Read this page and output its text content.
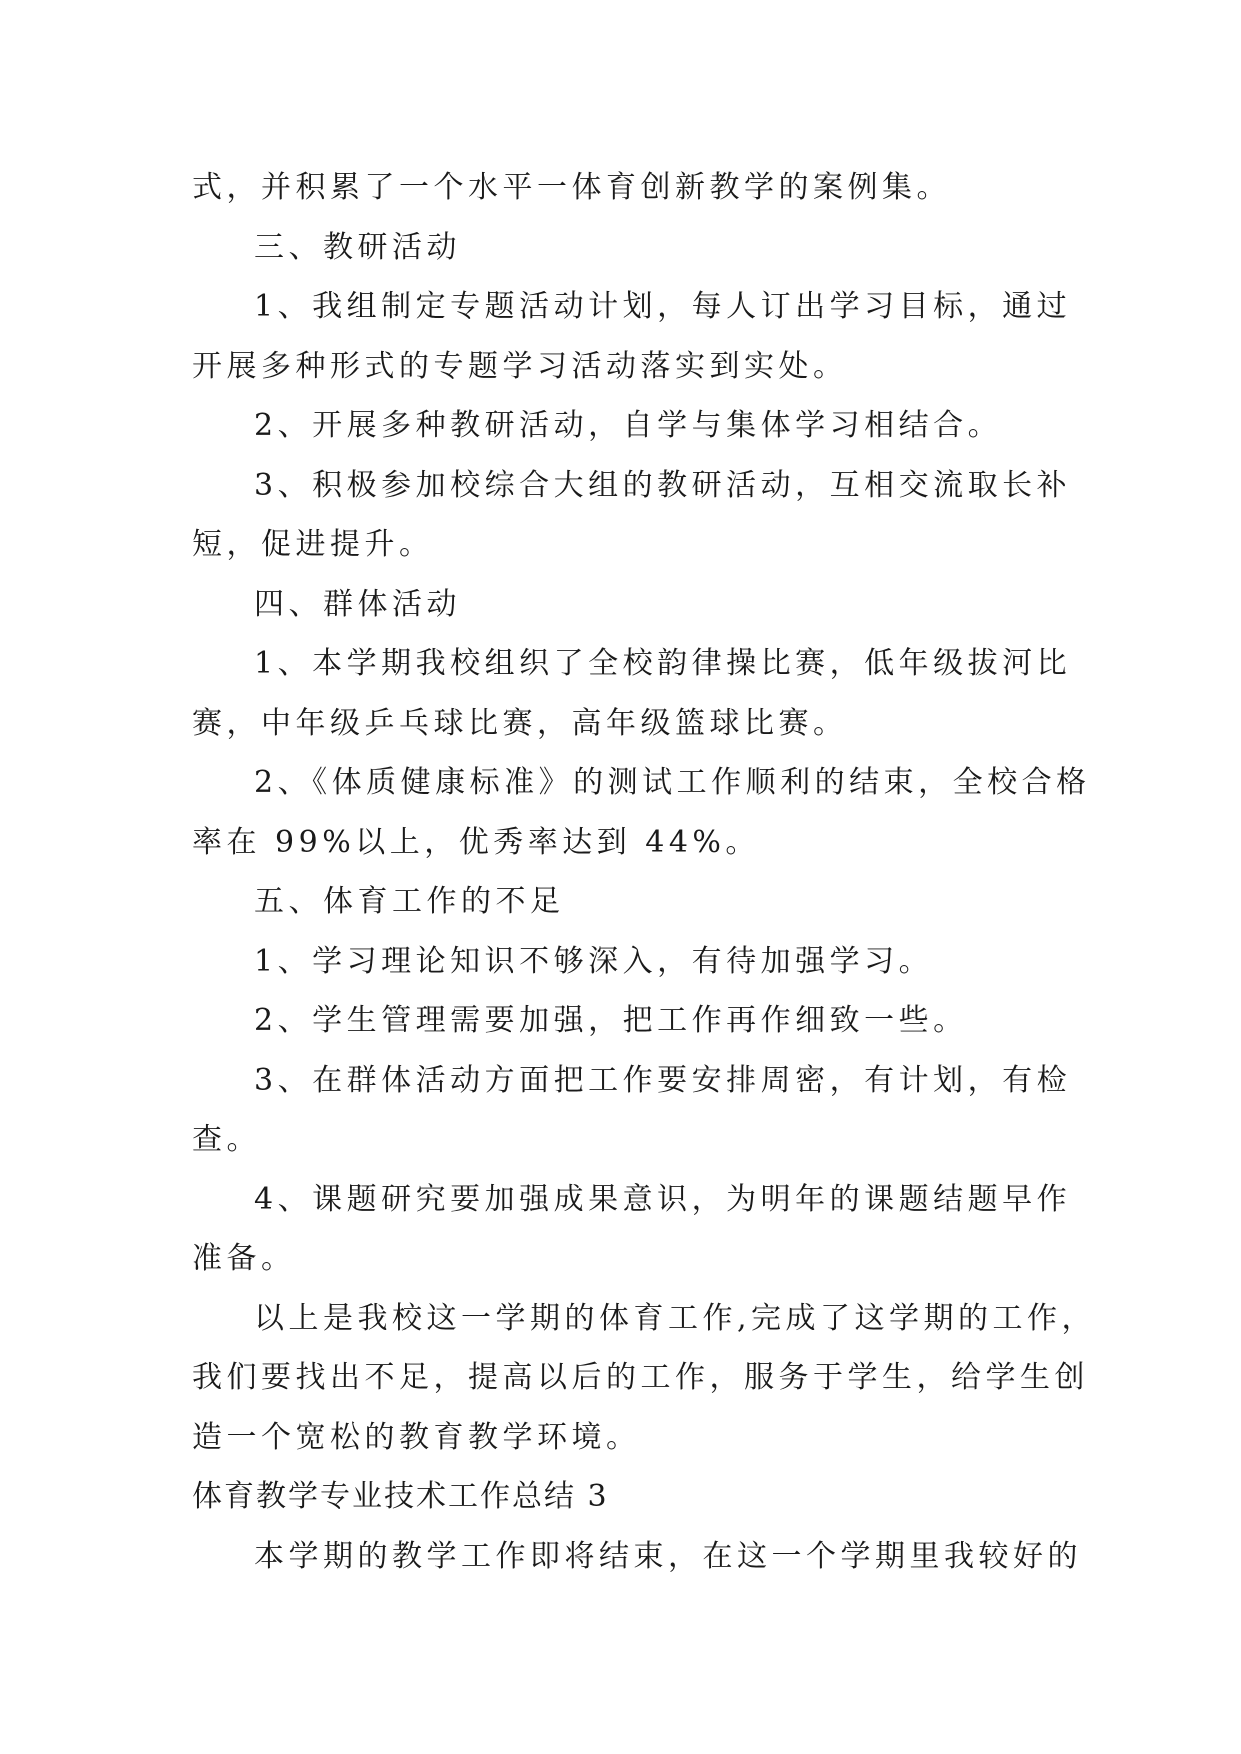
式，并积累了一个水平一体育创新教学的案例集。
三、教研活动
1、我组制定专题活动计划，每人订出学习目标，通过
开展多种形式的专题学习活动落实到实处。
2、开展多种教研活动，自学与集体学习相结合。
3、积极参加校综合大组的教研活动，互相交流取长补
短，促进提升。
四、群体活动
1、本学期我校组织了全校韵律操比赛，低年级拔河比
赛，中年级乒乓球比赛，高年级篮球比赛。
2、《体质健康标准》的测试工作顺利的结束，全校合格
率在 99%以上，优秀率达到 44%。
五、体育工作的不足
1、学习理论知识不够深入，有待加强学习。
2、学生管理需要加强，把工作再作细致一些。
3、在群体活动方面把工作要安排周密，有计划，有检
查。
4、课题研究要加强成果意识，为明年的课题结题早作
准备。
以上是我校这一学期的体育工作,完成了这学期的工作，
我们要找出不足，提高以后的工作，服务于学生，给学生创
造一个宽松的教育教学环境。
体育教学专业技术工作总结 3
本学期的教学工作即将结束，在这一个学期里我较好的
